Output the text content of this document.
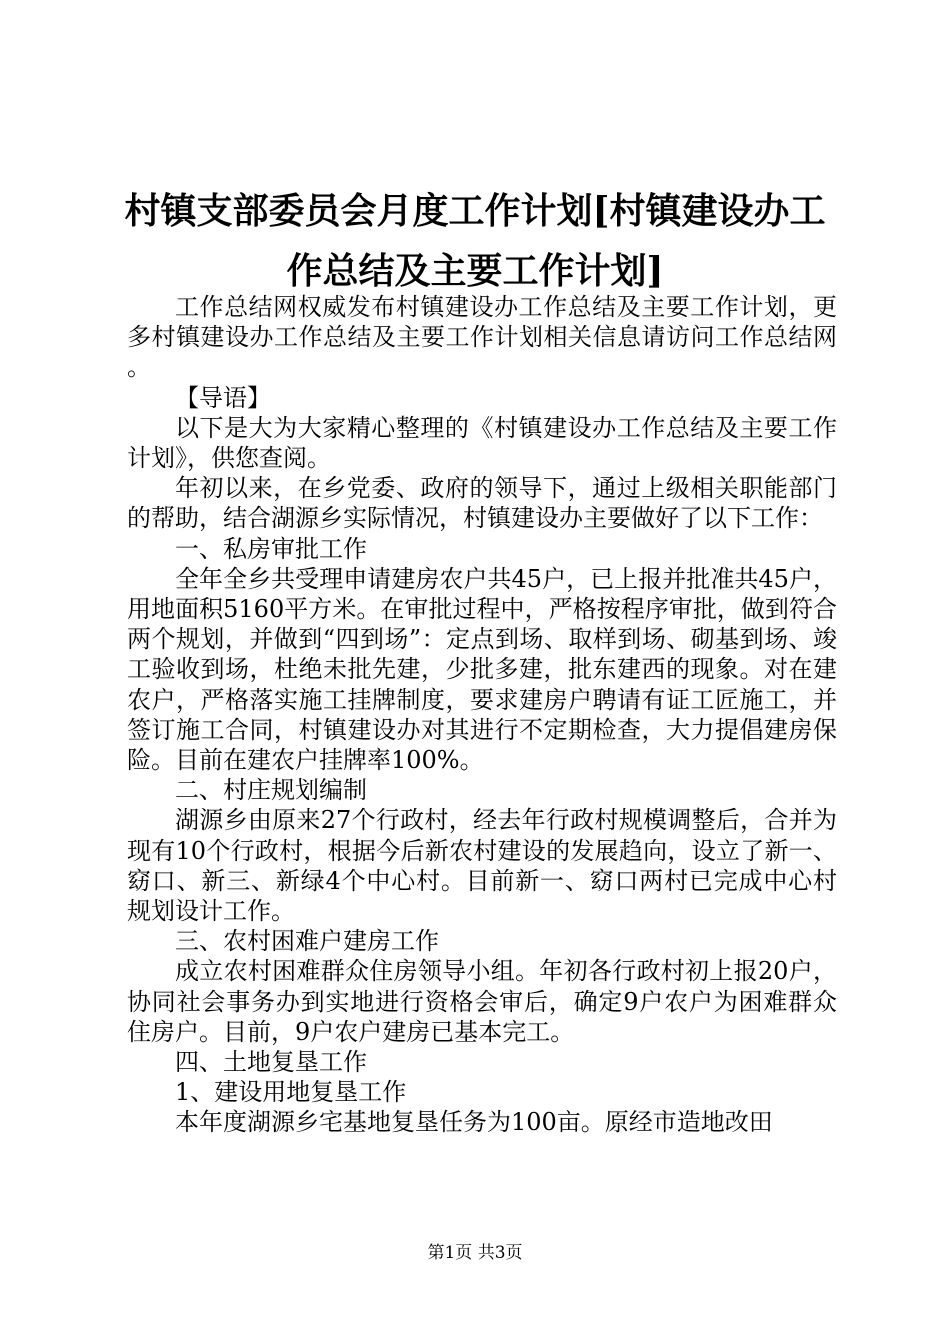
村镇支部委员会月度工作计划[村镇建设办工
作总结及主要工作计划]

工作总结网权威发布村镇建设办工作总结及主要工作计划，更多村镇建设办工作总结及主要工作计划相关信息请访问工作总结网。

【导语】

以下是大为大家精心整理的《村镇建设办工作总结及主要工作计划》，供您查阅。

年初以来，在乡党委、政府的领导下，通过上级相关职能部门的帮助，结合湖源乡实际情况，村镇建设办主要做好了以下工作：

一、私房审批工作

全年全乡共受理申请建房农户共45户，已上报并批准共45户，用地面积5160平方米。在审批过程中，严格按程序审批，做到符合两个规划，并做到“四到场”：定点到场、取样到场、砌基到场、竣工验收到场，杜绝未批先建，少批多建，批东建西的现象。对在建农户，严格落实施工挂牌制度，要求建房户聘请有证工匠施工，并签订施工合同，村镇建设办对其进行不定期检查，大力提倡建房保险。目前在建农户挂牌率100%。

二、村庄规划编制

湖源乡由原来27个行政村，经去年行政村规模调整后，合并为现有10个行政村，根据今后新农村建设的发展趋向，设立了新一、窈口、新三、新绿4个中心村。目前新一、窈口两村已完成中心村规划设计工作。

三、农村困难户建房工作

成立农村困难群众住房领导小组。年初各行政村初上报20户，协同社会事务办到实地进行资格会审后，确定9户农户为困难群众住房户。目前，9户农户建房已基本完工。

四、土地复垦工作

1、建设用地复垦工作

本年度湖源乡宅基地复垦任务为100亩。原经市造地改田

第1页 共3页
